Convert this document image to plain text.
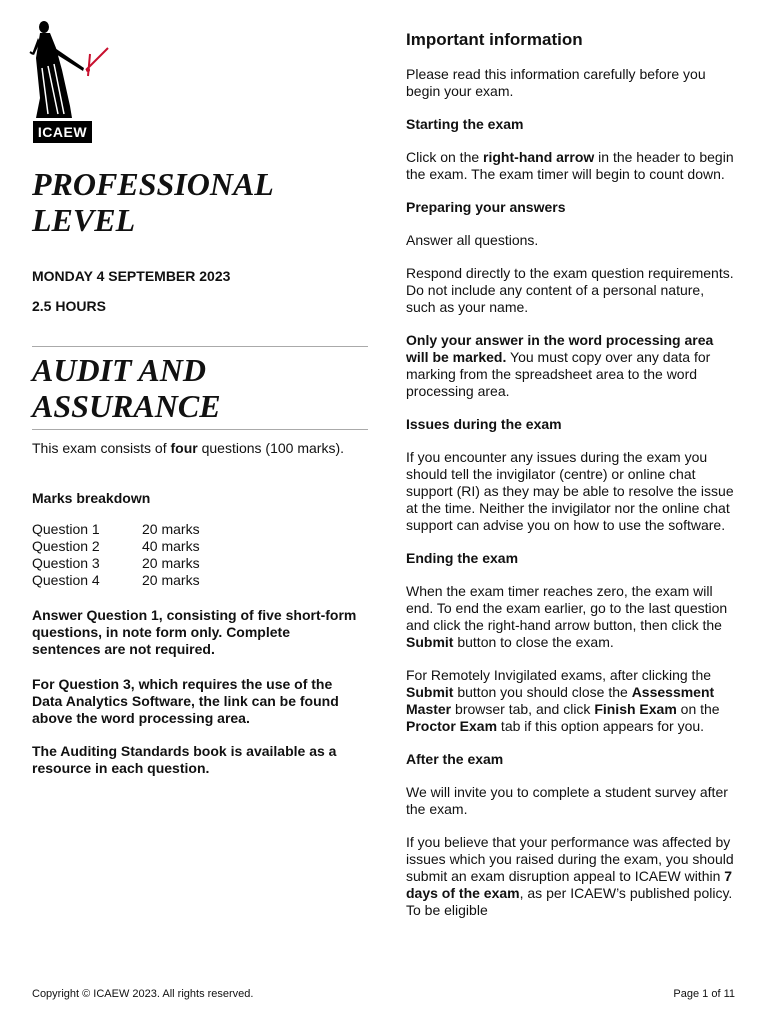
ICAEW
PROFESSIONAL
LEVEL

MONDAY 4 SEPTEMBER 2023

2.5 HOURS

AUDIT AND
ASSURANCE

This exam consists of four questions (100 marks).

Marks breakdown

Question 1	20 marks
Question 2	40 marks
Question 3	20 marks
Question 4	20 marks

Answer Question 1, consisting of five short-form questions, in note form only. Complete sentences are not required.

For Question 3, which requires the use of the Data Analytics Software, the link can be found above the word processing area.

The Auditing Standards book is available as a resource in each question.

Important information

Please read this information carefully before you begin your exam.

Starting the exam

Click on the right-hand arrow in the header to begin the exam. The exam timer will begin to count down.

Preparing your answers

Answer all questions.

Respond directly to the exam question requirements. Do not include any content of a personal nature, such as your name.

Only your answer in the word processing area will be marked. You must copy over any data for marking from the spreadsheet area to the word processing area.

Issues during the exam

If you encounter any issues during the exam you should tell the invigilator (centre) or online chat support (RI) as they may be able to resolve the issue at the time. Neither the invigilator nor the online chat support can advise you on how to use the software.

Ending the exam

When the exam timer reaches zero, the exam will end. To end the exam earlier, go to the last question and click the right-hand arrow button, then click the Submit button to close the exam.

For Remotely Invigilated exams, after clicking the Submit button you should close the Assessment Master browser tab, and click Finish Exam on the Proctor Exam tab if this option appears for you.

After the exam

We will invite you to complete a student survey after the exam.

If you believe that your performance was affected by issues which you raised during the exam, you should submit an exam disruption appeal to ICAEW within 7 days of the exam, as per ICAEW’s published policy. To be eligible

Copyright © ICAEW 2023. All rights reserved.	Page 1 of 11
